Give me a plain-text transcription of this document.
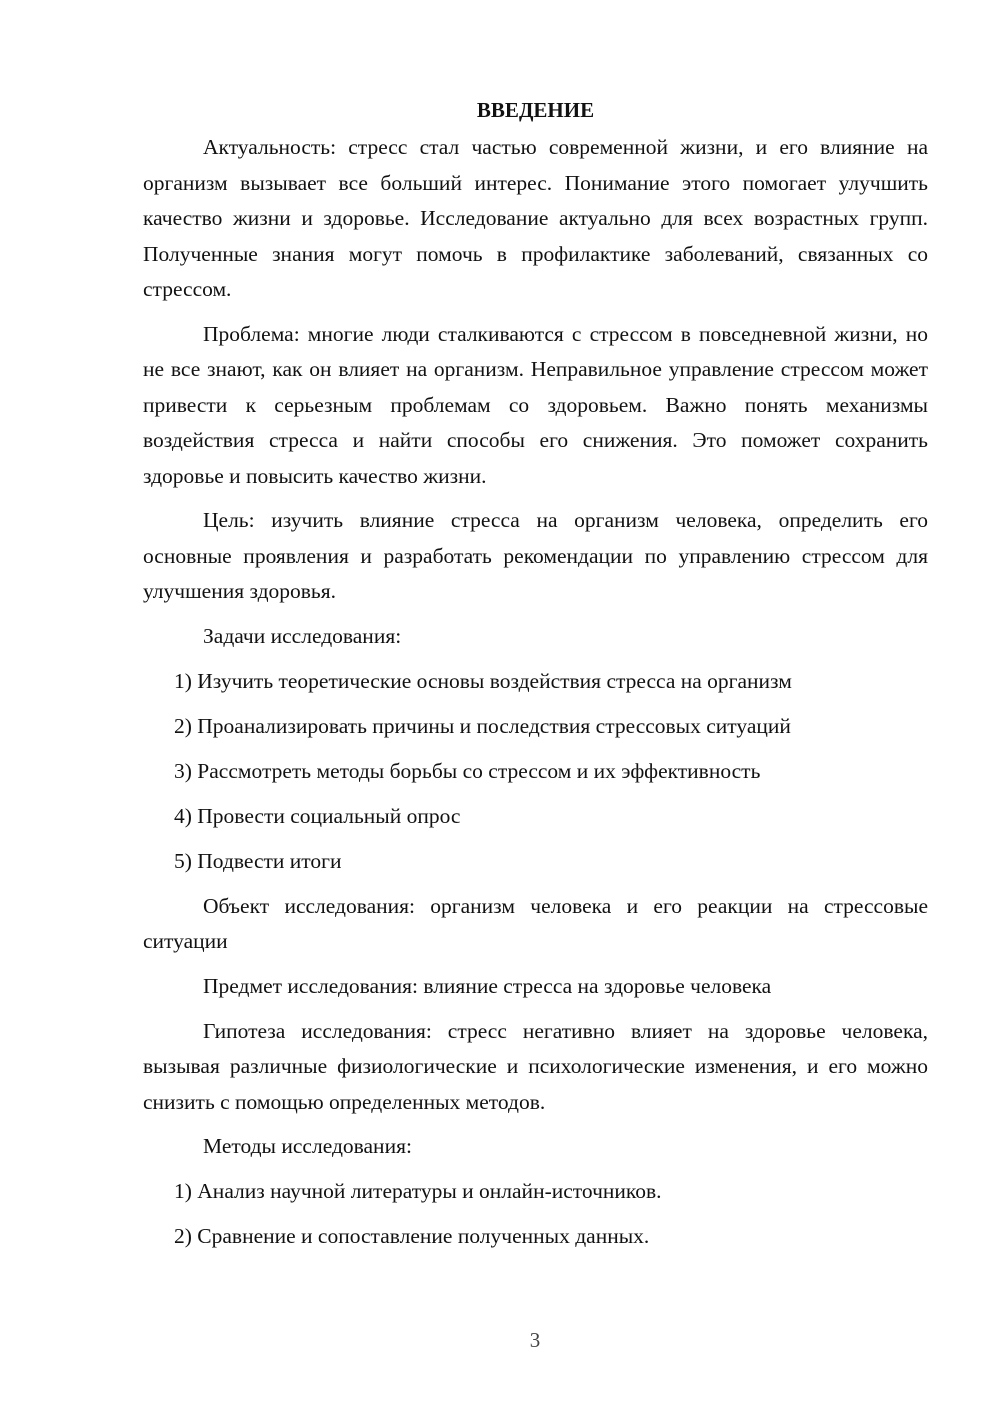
ВВЕДЕНИЕ

Актуальность: стресс стал частью современной жизни, и его влияние на организм вызывает все больший интерес. Понимание этого помогает улучшить качество жизни и здоровье. Исследование актуально для всех возрастных групп. Полученные знания могут помочь в профилактике заболеваний, связанных со стрессом.

Проблема: многие люди сталкиваются с стрессом в повседневной жизни, но не все знают, как он влияет на организм. Неправильное управление стрессом может привести к серьезным проблемам со здоровьем. Важно понять механизмы воздействия стресса и найти способы его снижения. Это поможет сохранить здоровье и повысить качество жизни.

Цель: изучить влияние стресса на организм человека, определить его основные проявления и разработать рекомендации по управлению стрессом для улучшения здоровья.

Задачи исследования:

1) Изучить теоретические основы воздействия стресса на организм

2) Проанализировать причины и последствия стрессовых ситуаций

3) Рассмотреть методы борьбы со стрессом и их эффективность

4) Провести социальный опрос

5) Подвести итоги

Объект исследования: организм человека и его реакции на стрессовые ситуации

Предмет исследования: влияние стресса на здоровье человека

Гипотеза исследования: стресс негативно влияет на здоровье человека, вызывая различные физиологические и психологические изменения, и его можно снизить с помощью определенных методов.

Методы исследования:

1) Анализ научной литературы и онлайн-источников.

2) Сравнение и сопоставление полученных данных.

3
